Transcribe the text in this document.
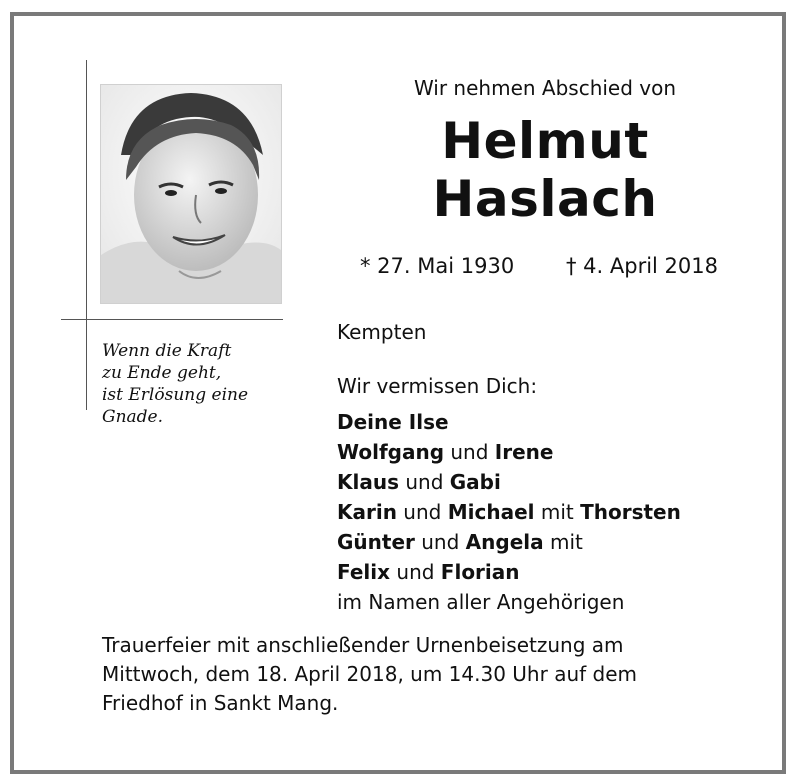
Wenn die Kraft
zu Ende geht,
ist Erlösung eine
Gnade.
Wir nehmen Abschied von
Helmut
Haslach
* 27. Mai 1930 † 4. April 2018
Kempten
Wir vermissen Dich:
Deine Ilse
Wolfgang und Irene
Klaus und Gabi
Karin und Michael mit Thorsten
Günter und Angela mit
Felix und Florian
im Namen aller Angehörigen
Trauerfeier mit anschließender Urnenbeisetzung am
Mittwoch, dem 18. April 2018, um 14.30 Uhr auf dem
Friedhof in Sankt Mang.
